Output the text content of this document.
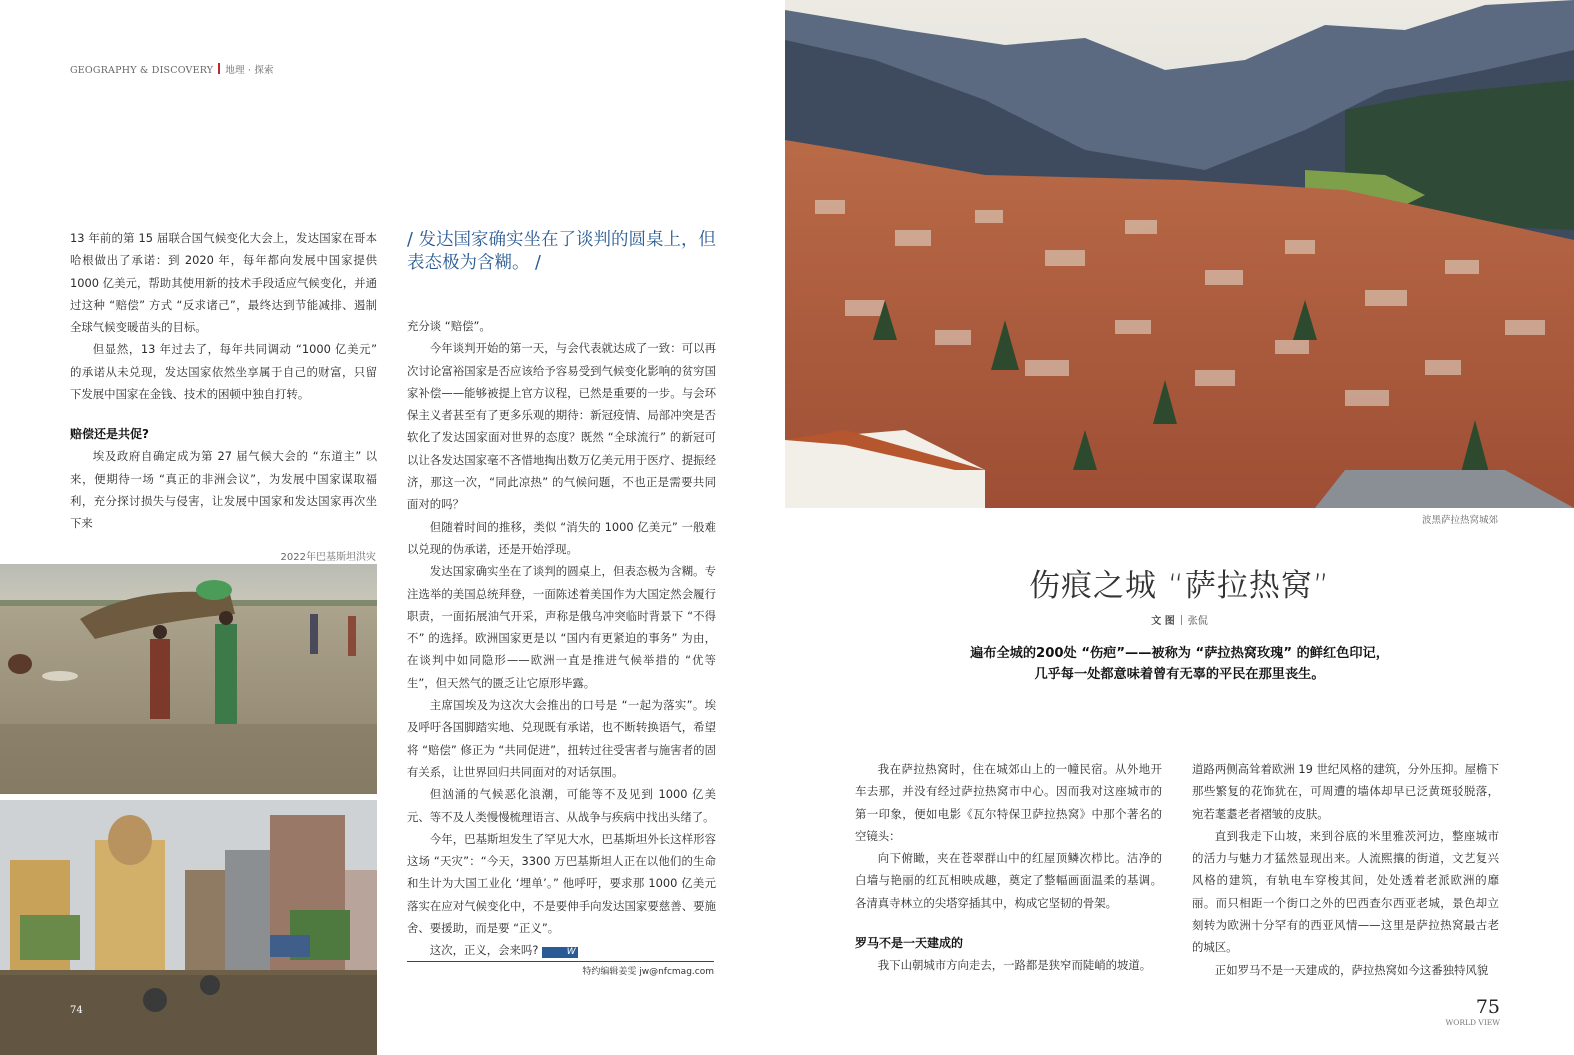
GEOGRAPHY & DISCOVERY 地理 · 探索

13 年前的第 15 届联合国气候变化大会上，发达国家在哥本哈根做出了承诺：到 2020 年，每年都向发展中国家提供 1000 亿美元，帮助其使用新的技术手段适应气候变化，并通过这种 “赔偿” 方式 “反求诸己”，最终达到节能减排、遏制全球气候变暖苗头的目标。

但显然，13 年过去了，每年共同调动 “1000 亿美元” 的承诺从未兑现，发达国家依然坐享属于自己的财富，只留下发展中国家在金钱、技术的困顿中独自打转。

赔偿还是共促?

埃及政府自确定成为第 27 届气候大会的 “东道主” 以来，便期待一场 “真正的非洲会议”，为发展中国家谋取福利，充分探讨损失与侵害，让发展中国家和发达国家再次坐下来

2022年巴基斯坦洪灾
74

/ 发达国家确实坐在了谈判的圆桌上，但表态极为含糊。 /

充分谈 “赔偿”。

今年谈判开始的第一天，与会代表就达成了一致：可以再次讨论富裕国家是否应该给予容易受到气候变化影响的贫穷国家补偿——能够被提上官方议程，已然是重要的一步。与会环保主义者甚至有了更多乐观的期待：新冠疫情、局部冲突是否软化了发达国家面对世界的态度？既然 “全球流行” 的新冠可以让各发达国家毫不吝惜地掏出数万亿美元用于医疗、提振经济，那这一次，“同此凉热” 的气候问题，不也正是需要共同面对的吗？

但随着时间的推移，类似 “消失的 1000 亿美元” 一般难以兑现的伪承诺，还是开始浮现。

发达国家确实坐在了谈判的圆桌上，但表态极为含糊。专注选举的美国总统拜登，一面陈述着美国作为大国定然会履行职责，一面拓展油气开采，声称是俄乌冲突临时背景下 “不得不” 的选择。欧洲国家更是以 “国内有更紧迫的事务” 为由，在谈判中如同隐形——欧洲一直是推进气候举措的 “优等生”，但天然气的匮乏让它原形毕露。

主席国埃及为这次大会推出的口号是 “一起为落实”。埃及呼吁各国脚踏实地、兑现既有承诺，也不断转换语气，希望将 “赔偿” 修正为 “共同促进”，扭转过往受害者与施害者的固有关系，让世界回归共同面对的对话氛围。

但汹涌的气候恶化浪潮，可能等不及见到 1000 亿美元、等不及人类慢慢梳理语言、从战争与疾病中找出头绪了。

今年，巴基斯坦发生了罕见大水，巴基斯坦外长这样形容这场 “天灾”：“今天，3300 万巴基斯坦人正在以他们的生命和生计为大国工业化 ‘埋单’。” 他呼吁，要求那 1000 亿美元落实在应对气候变化中，不是要伸手向发达国家要慈善、要施舍、要援助，而是要 “正义”。

这次，正义，会来吗?	W

特约编辑姜雯 jw@nfcmag.com
波黑萨拉热窝城郊
伤痕之城 “萨拉热窝”
文 图 张侃

遍布全城的200处 “伤疤”——被称为 “萨拉热窝玫瑰” 的鲜红色印记，

几乎每一处都意味着曾有无辜的平民在那里丧生。

我在萨拉热窝时，住在城郊山上的一幢民宿。从外地开车去那，并没有经过萨拉热窝市中心。因而我对这座城市的第一印象，便如电影《瓦尔特保卫萨拉热窝》中那个著名的空镜头：

向下俯瞰，夹在苍翠群山中的红屋顶鳞次栉比。洁净的白墙与艳丽的红瓦相映成趣，奠定了整幅画面温柔的基调。各清真寺林立的尖塔穿插其中，构成它坚韧的骨架。

罗马不是一天建成的

我下山朝城市方向走去，一路都是狭窄而陡峭的坡道。

道路两侧高耸着欧洲 19 世纪风格的建筑，分外压抑。屋檐下那些繁复的花饰犹在，可周遭的墙体却早已泛黄斑驳脱落，宛若耄耋老者褶皱的皮肤。

直到我走下山坡，来到谷底的米里雅茨河边，整座城市的活力与魅力才猛然显现出来。人流熙攘的街道，文艺复兴风格的建筑，有轨电车穿梭其间，处处透着老派欧洲的靡丽。而只相距一个街口之外的巴西查尔西亚老城，景色却立刻转为欧洲十分罕有的西亚风情——这里是萨拉热窝最古老的城区。

正如罗马不是一天建成的，萨拉热窝如今这番独特风貌

75
WORLD VIEW
